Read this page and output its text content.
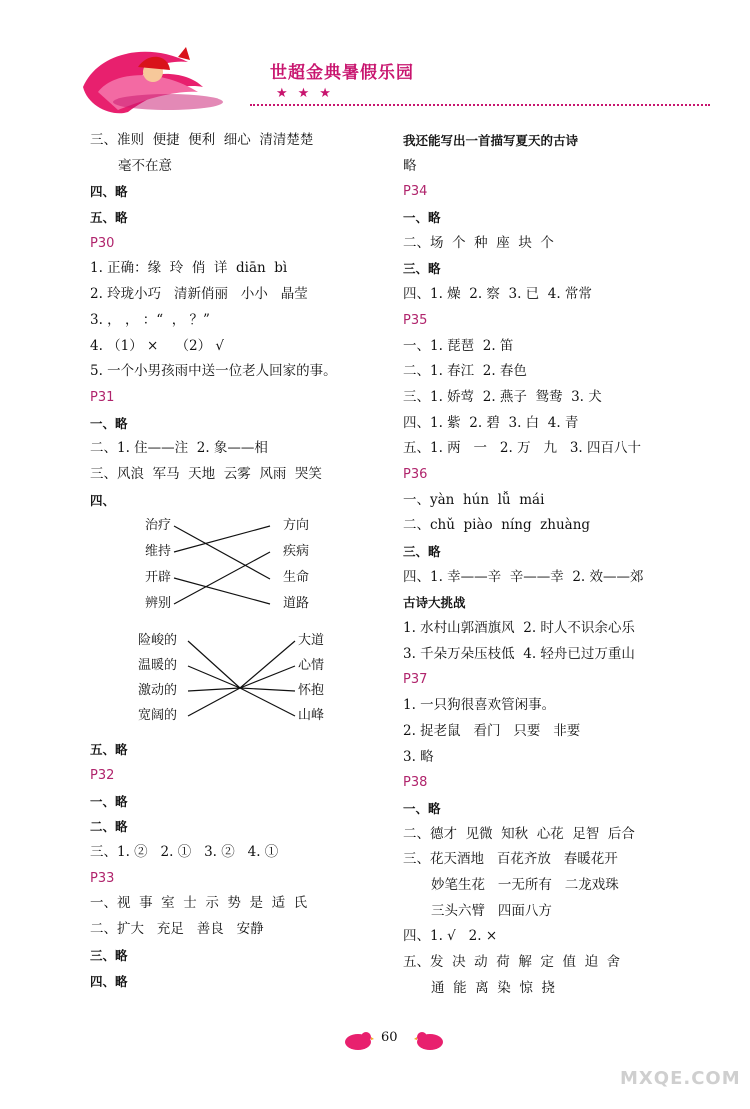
世超金典暑假乐园
★★★
三、准则  便捷  便利  细心  清清楚楚
毫不在意
四、略
五、略
P30
1. 正确：缘  玲  俏  详  diān  bì
2. 玲珑小巧   清新俏丽   小小   晶莹
3. ， ， ：“  ， ？”
4. （1） ×    （2） √
5. 一个小男孩雨中送一位老人回家的事。
P31
一、略
二、1. 住——注  2. 象——相
三、风浪  军马  天地  云雾  风雨  哭笑
四、
治疗
维持
开辟
辨别
方向
疾病
生命
道路
险峻的
温暖的
激动的
宽阔的
大道
心情
怀抱
山峰
五、略
P32
一、略
二、略
三、1. ②   2. ①   3. ②   4. ①
P33
一、视  事  室  士  示  势  是  适  氏
二、扩大   充足   善良   安静
三、略
四、略
我还能写出一首描写夏天的古诗
略
P34
一、略
二、场  个  种  座  块  个
三、略
四、1. 燥  2. 察  3. 已  4. 常常
P35
一、1. 琵琶  2. 笛
二、1. 春江  2. 春色
三、1. 娇莺  2. 燕子  鸳鸯  3. 犬
四、1. 紫  2. 碧  3. 白  4. 青
五、1. 两   一   2. 万   九   3. 四百八十
P36
一、yàn  hún  lǚ  mái
二、chǔ  piào  níng  zhuàng
三、略
四、1. 幸——辛  辛——幸  2. 效——郊
古诗大挑战
1. 水村山郭酒旗风  2. 时人不识余心乐
3. 千朵万朵压枝低  4. 轻舟已过万重山
P37
1. 一只狗很喜欢管闲事。
2. 捉老鼠   看门   只要   非要
3. 略
P38
一、略
二、德才  见微  知秋  心花  足智  后合
三、花天酒地   百花齐放   春暖花开
妙笔生花   一无所有   二龙戏珠
三头六臂   四面八方
四、1. √   2. ×
五、发  决  动  荷  解  定  值  迫  舍
通  能  离  染  惊  挠
60
MXQE.COM
